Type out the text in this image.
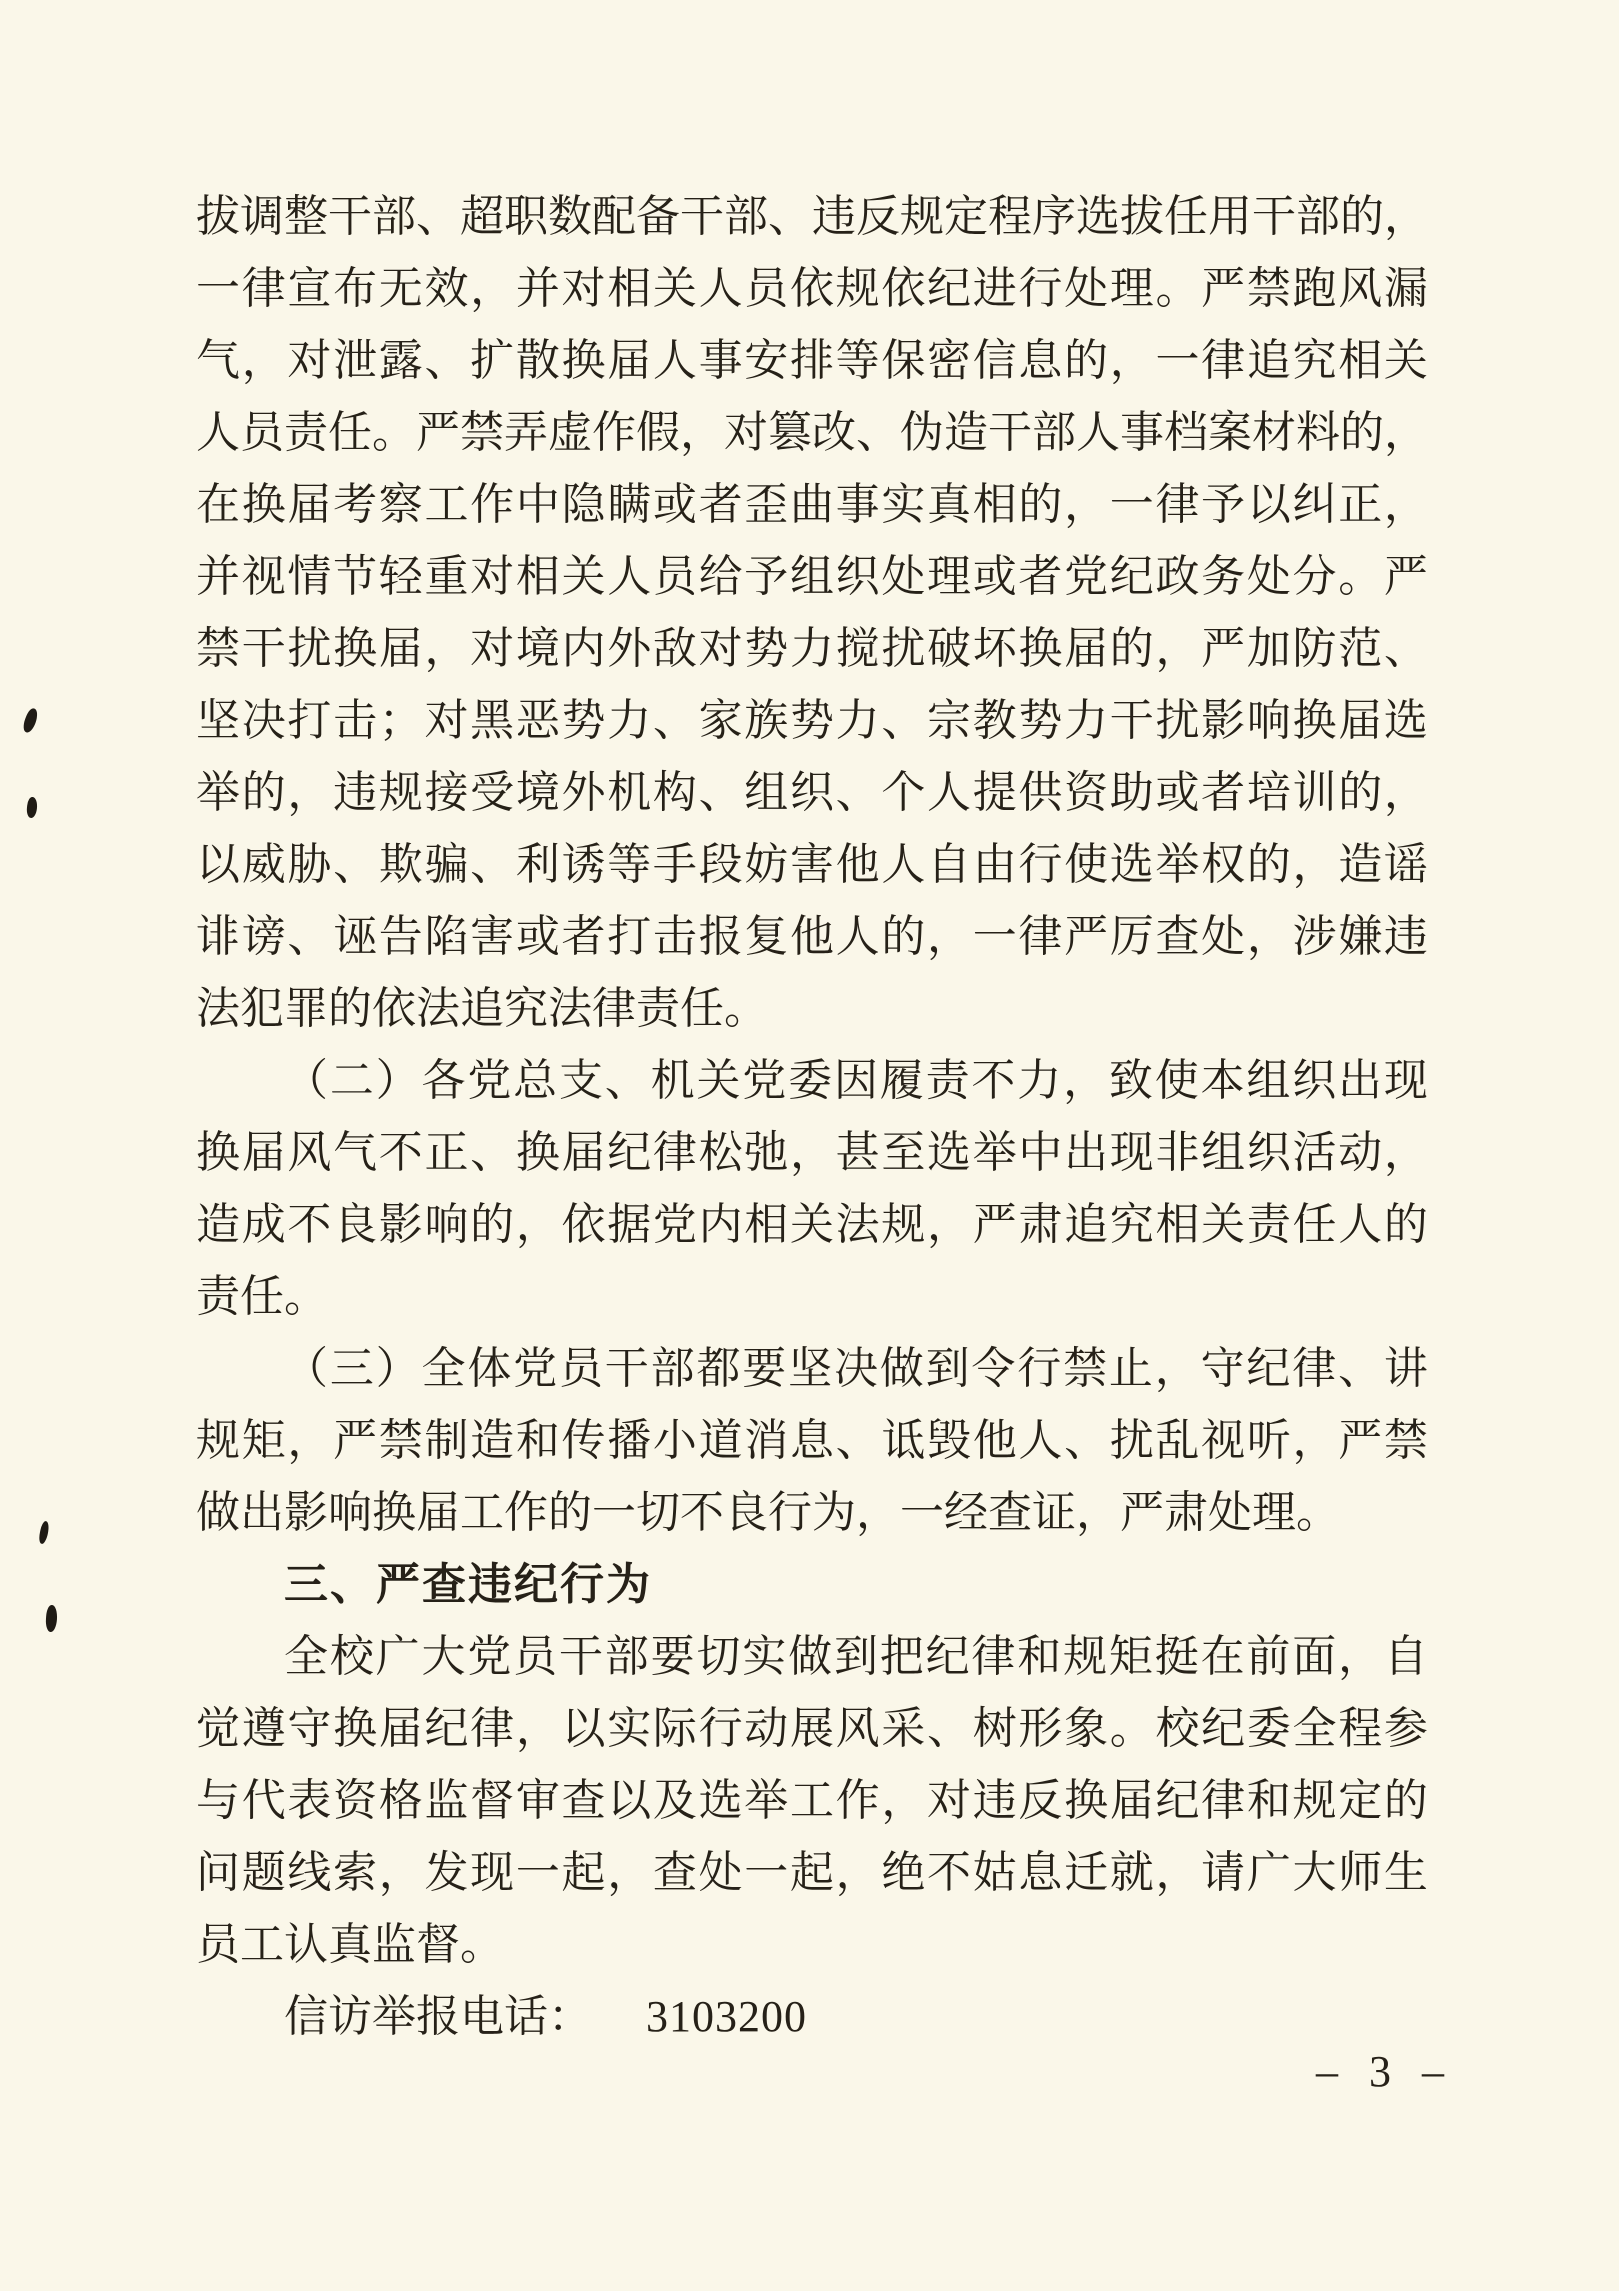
拔 调 整 干 部 、 超 职 数 配 备 干 部 、 违 反 规 定 程 序 选 拔 任 用 干 部 的 ，
一 律 宣 布 无 效 ， 并 对 相 关 人 员 依 规 依 纪 进 行 处 理 。 严 禁 跑 风 漏
气 ， 对 泄 露 、 扩 散 换 届 人 事 安 排 等 保 密 信 息 的 ， 一 律 追 究 相 关
人 员 责 任 。 严 禁 弄 虚 作 假 ， 对 篡 改 、 伪 造 干 部 人 事 档 案 材 料 的 ，
在 换 届 考 察 工 作 中 隐 瞒 或 者 歪 曲 事 实 真 相 的 ， 一 律 予 以 纠 正 ，
并 视 情 节 轻 重 对 相 关 人 员 给 予 组 织 处 理 或 者 党 纪 政 务 处 分 。 严
禁 干 扰 换 届 ， 对 境 内 外 敌 对 势 力 搅 扰 破 坏 换 届 的 ， 严 加 防 范 、
坚 决 打 击 ； 对 黑 恶 势 力 、 家 族 势 力 、 宗 教 势 力 干 扰 影 响 换 届 选
举 的 ， 违 规 接 受 境 外 机 构 、 组 织 、 个 人 提 供 资 助 或 者 培 训 的 ，
以 威 胁 、 欺 骗 、 利 诱 等 手 段 妨 害 他 人 自 由 行 使 选 举 权 的 ， 造 谣
诽 谤 、 诬 告 陷 害 或 者 打 击 报 复 他 人 的 ， 一 律 严 厉 查 处 ， 涉 嫌 违
法犯罪的依法追究法律责任。
（ 二 ） 各 党 总 支 、 机 关 党 委 因 履 责 不 力 ， 致 使 本 组 织 出 现
换 届 风 气 不 正 、 换 届 纪 律 松 弛 ， 甚 至 选 举 中 出 现 非 组 织 活 动 ，
造 成 不 良 影 响 的 ， 依 据 党 内 相 关 法 规 ， 严 肃 追 究 相 关 责 任 人 的
责任。
（ 三 ） 全 体 党 员 干 部 都 要 坚 决 做 到 令 行 禁 止 ， 守 纪 律 、 讲
规 矩 ， 严 禁 制 造 和 传 播 小 道 消 息 、 诋 毁 他 人 、 扰 乱 视 听 ， 严 禁
做出影响换届工作的一切不良行为，一经查证，严肃处理。
三、严查违纪行为
全 校 广 大 党 员 干 部 要 切 实 做 到 把 纪 律 和 规 矩 挺 在 前 面 ， 自
觉 遵 守 换 届 纪 律 ， 以 实 际 行 动 展 风 采 、 树 形 象 。 校 纪 委 全 程 参
与 代 表 资 格 监 督 审 查 以 及 选 举 工 作 ， 对 违 反 换 届 纪 律 和 规 定 的
问 题 线 索 ， 发 现 一 起 ， 查 处 一 起 ， 绝 不 姑 息 迁 就 ， 请 广 大 师 生
员工认真监督。
信访举报电话： 3103200
– 3 –
